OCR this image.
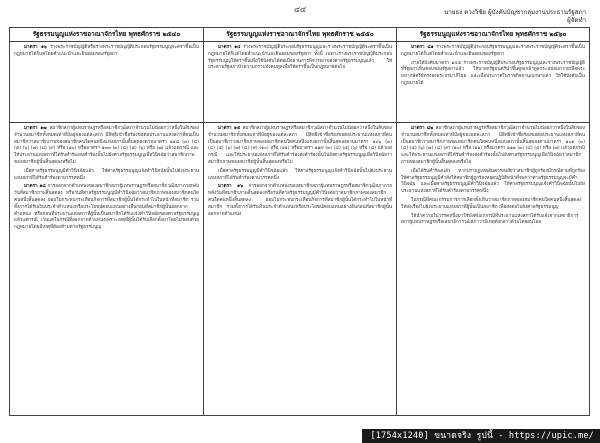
๔๔	นายธง ดวงวิชัย ผู้บังคับบัญชากลุ่มงานประธานรัฐสภา
ผู้จัดทำ
รัฐธรรมนูญแห่งราชอาณาจักรไทย พุทธศักราช ๒๕๔๐

มาตรา ๑๖ ร่างพระราชบัญญัติหรือร่างพระราชบัญญัติประกอบรัฐธรรมนูญจะตราขึ้นเป็นกฎหมายได้ก็แต่โดยคำแนะนำและยินยอมของรัฐสภา

มาตรา ๑๗ สมาชิกสภาผู้แทนราษฎรหรือสมาชิกวุฒิสภาจำนวนไม่น้อยกว่าหนึ่งในสิบของจำนวนสมาชิกทั้งหมดเท่าที่มีอยู่ของแต่ละสภา มีสิทธิเข้าชื่อร้องขอต่อประธานแห่งสภาที่ตนเป็นสมาชิกว่าสมาชิกภาพของสมาชิกคนใดคนหนึ่งแห่งสภานั้นสิ้นสุดลงตามมาตรา ๑๑๘ (๓) (๔) (๕) (๖) (๗) (๘) (๙) หรือ (๑๐) หรือมาตรา ๑๓๓ (๓) (๔) (๕) (๖) หรือ (๗) แล้วแต่กรณี และให้ประธานแห่งสภาที่ได้รับคำร้องส่งคำร้องนั้นไปยังศาลรัฐธรรมนูญเพื่อวินิจฉัยว่าสมาชิกภาพของสมาชิกผู้นั้นสิ้นสุดลงหรือไม่

เมื่อศาลรัฐธรรมนูญมีคำวินิจฉัยแล้ว ให้ศาลรัฐธรรมนูญแจ้งคำวินิจฉัยนั้นไปยังประธานแห่งสภาที่ได้รับคำร้องตามวรรคหนึ่ง

มาตรา ๑๘ การออกจากตำแหน่งของสมาชิกสภาผู้แทนราษฎรหรือสมาชิกวุฒิสภาภายหลังวันที่สมาชิกภาพสิ้นสุดลง หรือวันที่ศาลรัฐธรรมนูญมีคำวินิจฉัยว่าสมาชิกภาพของสมาชิกคนใดคนหนึ่งสิ้นสุดลง ย่อมไม่กระทบกระเทือนกิจการที่สมาชิกผู้นั้นได้กระทำไปในหน้าที่สมาชิก รวมทั้งการได้รับเงินประจำตำแหน่งหรือประโยชน์ตอบแทนอย่างอื่นก่อนที่สมาชิกผู้นั้นออกจากตำแหน่ง หรือก่อนที่ประธานแห่งสภาที่ผู้นั้นเป็นสมาชิกได้รับแจ้งคำวินิจฉัยของศาลรัฐธรรมนูญ แล้วแต่กรณี เว้นแต่ในกรณีที่ออกจากตำแหน่งเพราะเหตุที่ผู้นั้นได้รับเลือกตั้งมาโดยไม่ชอบด้วยกฎหมายโดยมีเหตุที่ต้องห้ามตามรัฐธรรมนูญ

รัฐธรรมนูญแห่งราชอาณาจักรไทย พุทธศักราช ๒๕๕๐

มาตรา ๑๔ ร่างพระราชบัญญัติประกอบรัฐธรรมนูญและร่างพระราชบัญญัติจะตราขึ้นเป็นกฎหมายได้ก็แต่โดยคำแนะนำและยินยอมของรัฐสภา ทั้งนี้ เฉพาะร่างพระราชบัญญัติประกอบรัฐธรรมนูญให้ตราขึ้นเพื่อใช้บังคับได้ต่อเมื่อผ่านการพิจารณาของศาลรัฐธรรมนูญแล้ว ให้ประธานรัฐสภานำความกราบบังคมทูลเพื่อให้ตราขึ้นเป็นกฎหมายต่อไป

มาตรา ๑๕ สมาชิกสภาผู้แทนราษฎรหรือสมาชิกวุฒิสภาจำนวนไม่น้อยกว่าหนึ่งในสิบของจำนวนสมาชิกทั้งหมดเท่าที่มีอยู่ของแต่ละสภา มีสิทธิเข้าชื่อร้องขอต่อประธานแห่งสภาที่ตนเป็นสมาชิกว่าสมาชิกภาพของสมาชิกคนใดคนหนึ่งแห่งสภานั้นสิ้นสุดลงตามมาตรา ๑๐๖ (๓) (๔) (๕) (๖) (๗) (๘) (๙) (๑๐) หรือ (๑๑) หรือมาตรา ๑๑๙ (๓) (๔) (๕) (๖) หรือ (๘) แล้วแต่กรณี และให้ประธานแห่งสภาที่ได้รับคำร้องส่งคำร้องนั้นไปยังศาลรัฐธรรมนูญเพื่อวินิจฉัยว่าสมาชิกภาพของสมาชิกผู้นั้นสิ้นสุดลงหรือไม่

เมื่อศาลรัฐธรรมนูญมีคำวินิจฉัยแล้ว ให้ศาลรัฐธรรมนูญแจ้งคำวินิจฉัยนั้นไปยังประธานแห่งสภาที่ได้รับคำร้องตามวรรคหนึ่ง

มาตรา ๑๖ การออกจากตำแหน่งของสมาชิกสภาผู้แทนราษฎรหรือสมาชิกวุฒิสภาภายหลังวันที่สมาชิกภาพสิ้นสุดลงหรือวันที่ศาลรัฐธรรมนูญมีคำวินิจฉัยว่าสมาชิกภาพของสมาชิกคนใดคนหนึ่งสิ้นสุดลง ย่อมไม่กระทบกระเทือนกิจการที่สมาชิกผู้นั้นได้กระทำไปในหน้าที่สมาชิก รวมทั้งการได้รับเงินประจำตำแหน่งหรือประโยชน์ตอบแทนอย่างอื่นก่อนที่สมาชิกผู้นั้นออกจากตำแหน่ง

รัฐธรรมนูญแห่งราชอาณาจักรไทย พุทธศักราช ๒๕๖๐

มาตรา ๘๑ ร่างพระราชบัญญัติประกอบรัฐธรรมนูญและร่างพระราชบัญญัติจะตราขึ้นเป็นกฎหมายได้ก็แต่โดยคำแนะนำและยินยอมของรัฐสภา

ภายใต้บังคับมาตรา ๑๔๕ ร่างพระราชบัญญัติประกอบรัฐธรรมนูญและร่างพระราชบัญญัติที่รัฐสภาเห็นชอบของรัฐสภาแล้ว ให้นายกรัฐมนตรีนำขึ้นทูลเกล้าทูลกระหม่อมถวายเพื่อพระมหากษัตริย์ทรงลงพระปรมาภิไธย และเมื่อประกาศในราชกิจจานุเบกษาแล้ว ให้ใช้บังคับเป็นกฎหมายได้

มาตรา ๘๒ สมาชิกสภาผู้แทนราษฎรหรือสมาชิกวุฒิสภาจำนวนไม่น้อยกว่าหนึ่งในสิบของจำนวนสมาชิกทั้งหมดเท่าที่มีอยู่ของแต่ละสภา มีสิทธิเข้าชื่อร้องขอต่อประธานแห่งสภาที่ตนเป็นสมาชิกว่าสมาชิกภาพของสมาชิกคนใดคนหนึ่งแห่งสภานั้นสิ้นสุดลงตามมาตรา ๑๐๑ (๓) (๔) (๕) (๖) (๗) (๘) (๙) (๑๐) หรือ (๑๑) หรือมาตรา ๑๑๑ (๓) (๔) (๕) หรือ (๗) แล้วแต่กรณี และให้ประธานแห่งสภาที่ได้รับคำร้องส่งคำร้องนั้นไปยังศาลรัฐธรรมนูญเพื่อวินิจฉัยว่าสมาชิกภาพของสมาชิกผู้นั้นสิ้นสุดลงหรือไม่

เมื่อได้รับคำร้องแล้ว หากปรากฏเหตุอันควรสงสัยว่าสมาชิกผู้ถูกร้องมีกรณีตามที่ถูกร้อง ให้ศาลรัฐธรรมนูญมีคำสั่งให้สมาชิกผู้ถูกร้องหยุดปฏิบัติหน้าที่จนกว่าศาลรัฐธรรมนูญจะมีคำวินิจฉัย และเมื่อศาลรัฐธรรมนูญมีคำวินิจฉัยแล้ว ให้ศาลรัฐธรรมนูญแจ้งคำวินิจฉัยนั้นไปยังประธานแห่งสภาที่ได้รับคำร้องตามวรรคหนึ่ง

ในกรณีที่คณะกรรมการการเลือกตั้งเห็นว่าสมาชิกภาพของสมาชิกคนใดคนหนึ่งสิ้นสุดลง ให้ส่งเรื่องไปยังประธานแห่งสภาที่ผู้นั้นเป็นสมาชิก เพื่อส่งต่อไปยังศาลรัฐธรรมนูญ

ให้นำความในวรรคหนึ่งมาใช้บังคับแก่กรณีที่ประธานแห่งสภาได้รับแจ้งจากเลขาธิการสภาผู้แทนราษฎรหรือเลขาธิการวุฒิสภาว่ามีเหตุดังกล่าวด้วยโดยอนุโลม

[1754x1240] ขนาดจริง รูปนี้ - https://upic.me/
